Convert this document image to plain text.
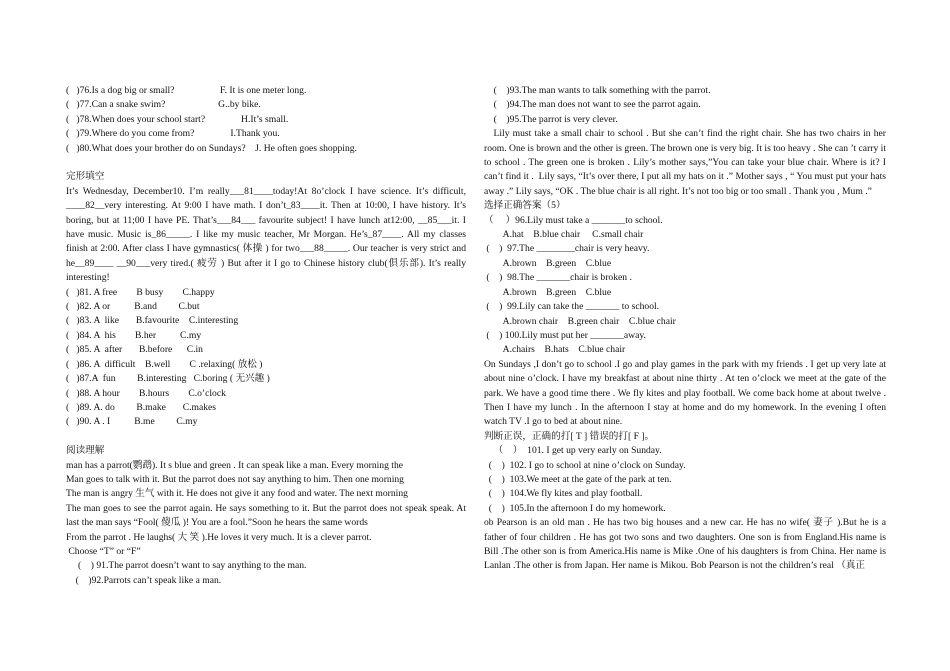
(   )76.Is a dog big or small?                   F. It is one meter long.
(   )77.Can a snake swim?                      G..by bike.
(   )78.When does your school start?               H.It’s small.
(   )79.Where do you come from?               I.Thank you.
(   )80.What does your brother do on Sundays?    J. He often goes shopping.
完形填空
It’s Wednesday, December10. I’m really___81____today!At 8o’clock I have science. It’s difficult, ____82__very interesting. At 9:00 I have math. I don’t_83____it. Then at 10:00, I have history. It’s boring, but at 11;00 I have PE. That’s___84___ favourite subject! I have lunch at12:00, __85___it. I have music. Music is_86_____. I like my music teacher, Mr Morgan. He’s_87____. All my classes finish at 2:00. After class I have gymnastics( 体操 ) for two___88_____. Our teacher is very strict and he__89____ __90___very tired.( 疲劳 ) But after it I go to Chinese history club(俱乐部). It’s really interesting!
(   )81. A free        B busy        C.happy
(   )82. A or          B.and         C.but
(   )83. A  like       B.favourite    C.interesting
(   )84. A  his        B.her          C.my
(   )85. A  after       B.before      C.in
(   )86. A  difficult    B.well        C .relaxing( 放松 )
(   )87.A  fun         B.interesting   C.boring ( 无兴趣 )
(   )88. A hour        B.hours        C.o’clock
(   )89. A. do         B.make       C.makes
(   )90. A . I          B.me         C.my
阅读理解
man has a parrot(鹦鹉). It s blue and green . It can speak like a man. Every morning the
Man goes to talk with it. But the parrot does not say anything to him. Then one morning
The man is angry 生气 with it. He does not give it any food and water. The next morning
The man goes to see the parrot again. He says something to it. But the parrot does not speak speak. At last the man says “Fool( 傻瓜 )! You are a fool.”Soon he hears the same words
From the parrot . He laughs( 大 笑 ).He loves it very much. It is a clever parrot.
Choose “T” or “F”
(    ) 91.The parrot doesn’t want to say anything to the man.
(    )92.Parrots can’t speak like a man.
(    )93.The man wants to talk something with the parrot.
(    )94.The man does not want to see the parrot again.
(    )95.The parrot is very clever.
Lily must take a small chair to school . But she can’t find the right chair. She has two chairs in her room. One is brown and the other is green. The brown one is very big. It is too heavy . She can ’t carry it to school . The green one is broken . Lily’s mother says,”You can take your blue chair. Where is it? I can’t find it .  Lily says, “It’s over there, I put all my hats on it .” Mother says , “ You must put your hats away .” Lily says, “OK . The blue chair is all right. It’s not too big or too small . Thank you , Mum .”
选择正确答案（5）
（     ）96.Lily must take a _______to school.
A.hat    B.blue chair     C.small chair
(    )  97.The ________chair is very heavy.
A.brown    B.green    C.blue
(    )  98.The _______chair is broken .
A.brown    B.green    C.blue
(    )  99.Lily can take the _______ to school.
A.brown chair    B.green chair    C.blue chair
(    ) 100.Lily must put her _______away.
A.chairs    B.hats    C.blue chair
On Sundays ,I don’t go to school .I go and play games in the park with my friends . I get up very late at about nine o’clock. I have my breakfast at about nine thirty . At ten o’clock we meet at the gate of the park. We have a good time there . We fly kites and play football. We come back home at about twelve . Then I have my lunch . In the afternoon I stay at home and do my homework. In the evening I often watch TV .I go to bed at about nine.
判断正误，正确的打[ T ] 错误的打[ F ]。
（    ）  101. I get up very early on Sunday.
(    )  102. I go to school at nine o’clock on Sunday.
(    )  103.We meet at the gate of the park at ten.
(    )  104.We fly kites and play football.
(    )  105.In the afternoon I do my homework.
ob Pearson is an old man . He has two big houses and a new car. He has no wife( 妻子 ).But he is a father of four children . He has got two sons and two daughters. One son is from England.His name is Bill .The other son is from America.His name is Mike .One of his daughters is from China. Her name is Lanlan .The other is from Japan. Her name is Mikou. Bob Pearson is not the children’s real （真正
